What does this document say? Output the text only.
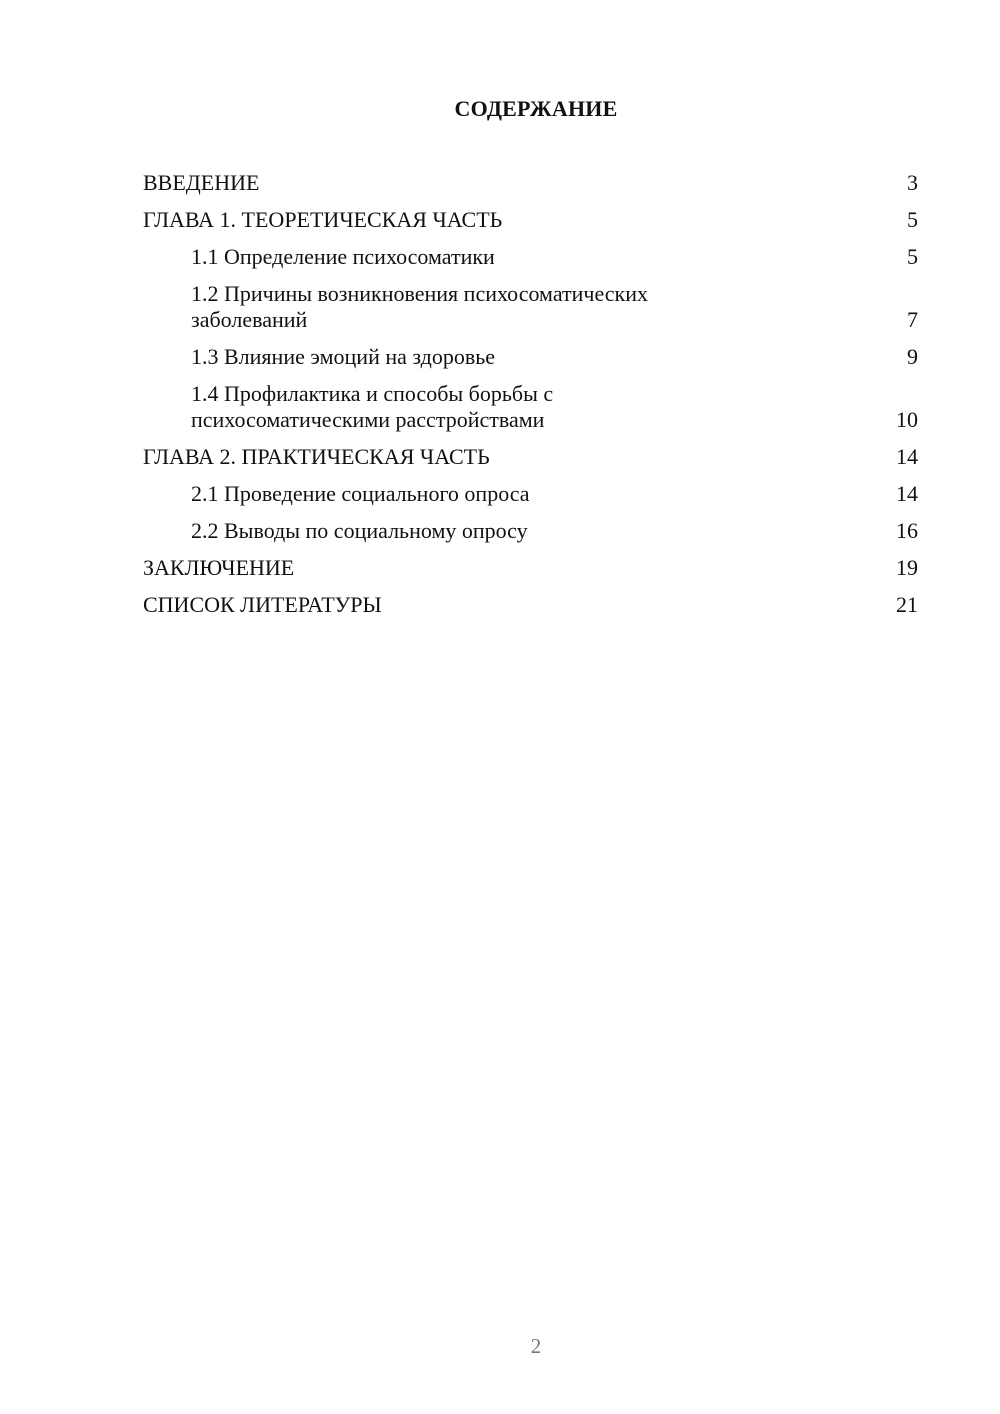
СОДЕРЖАНИЕ
ВВЕДЕНИЕ	3
ГЛАВА 1. ТЕОРЕТИЧЕСКАЯ ЧАСТЬ	5
1.1 Определение психосоматики	5
1.2 Причины возникновения психосоматических заболеваний	7
1.3 Влияние эмоций на здоровье	9
1.4 Профилактика и способы борьбы с психосоматическими расстройствами	10
ГЛАВА 2. ПРАКТИЧЕСКАЯ ЧАСТЬ	14
2.1 Проведение социального опроса	14
2.2 Выводы по социальному опросу	16
ЗАКЛЮЧЕНИЕ	19
СПИСОК ЛИТЕРАТУРЫ	21
2
